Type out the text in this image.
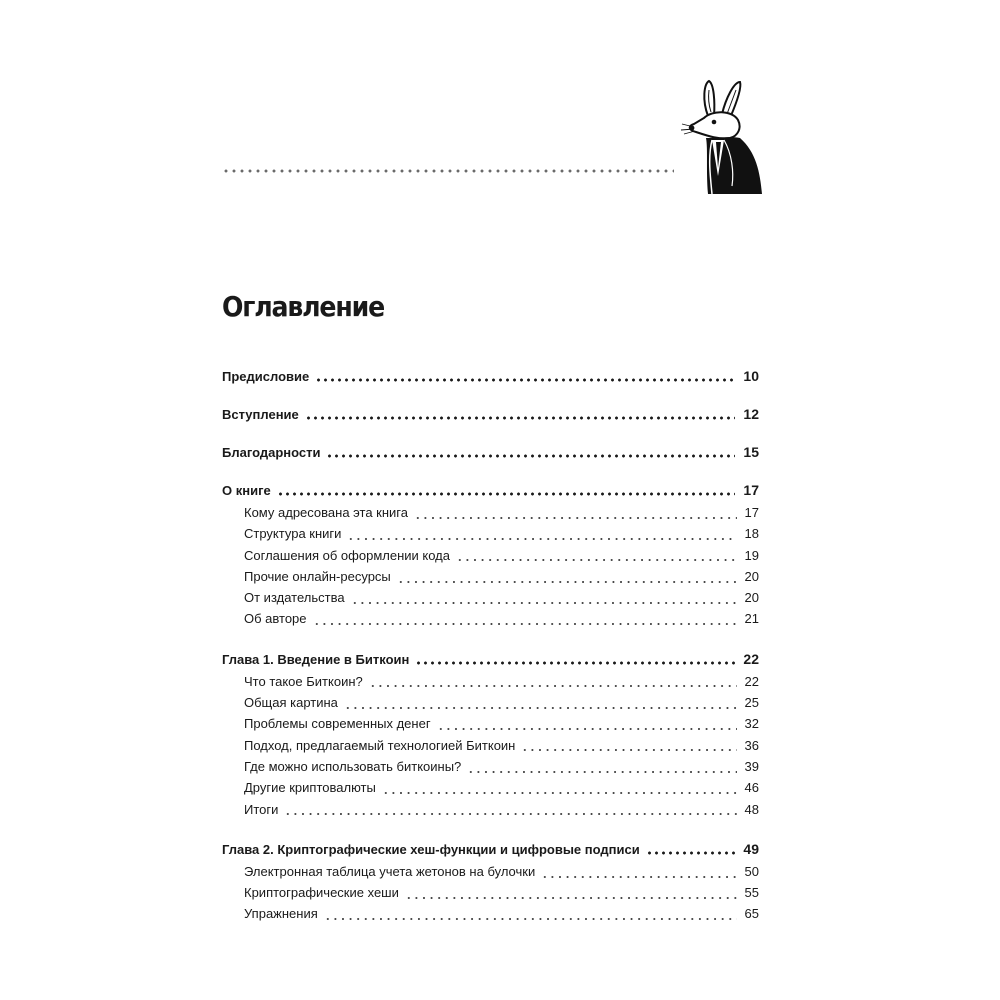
Оглавление
Предисловие	10
Вступление	12
Благодарности	15
О книге	17
Кому адресована эта книга	17
Структура книги	18
Соглашения об оформлении кода	19
Прочие онлайн-ресурсы	20
От издательства	20
Об авторе	21
Глава 1. Введение в Биткоин	22
Что такое Биткоин?	22
Общая картина	25
Проблемы современных денег	32
Подход, предлагаемый технологией Биткоин	36
Где можно использовать биткоины?	39
Другие криптовалюты	46
Итоги	48
Глава 2. Криптографические хеш-функции и цифровые подписи	49
Электронная таблица учета жетонов на булочки	50
Криптографические хеши	55
Упражнения	65
